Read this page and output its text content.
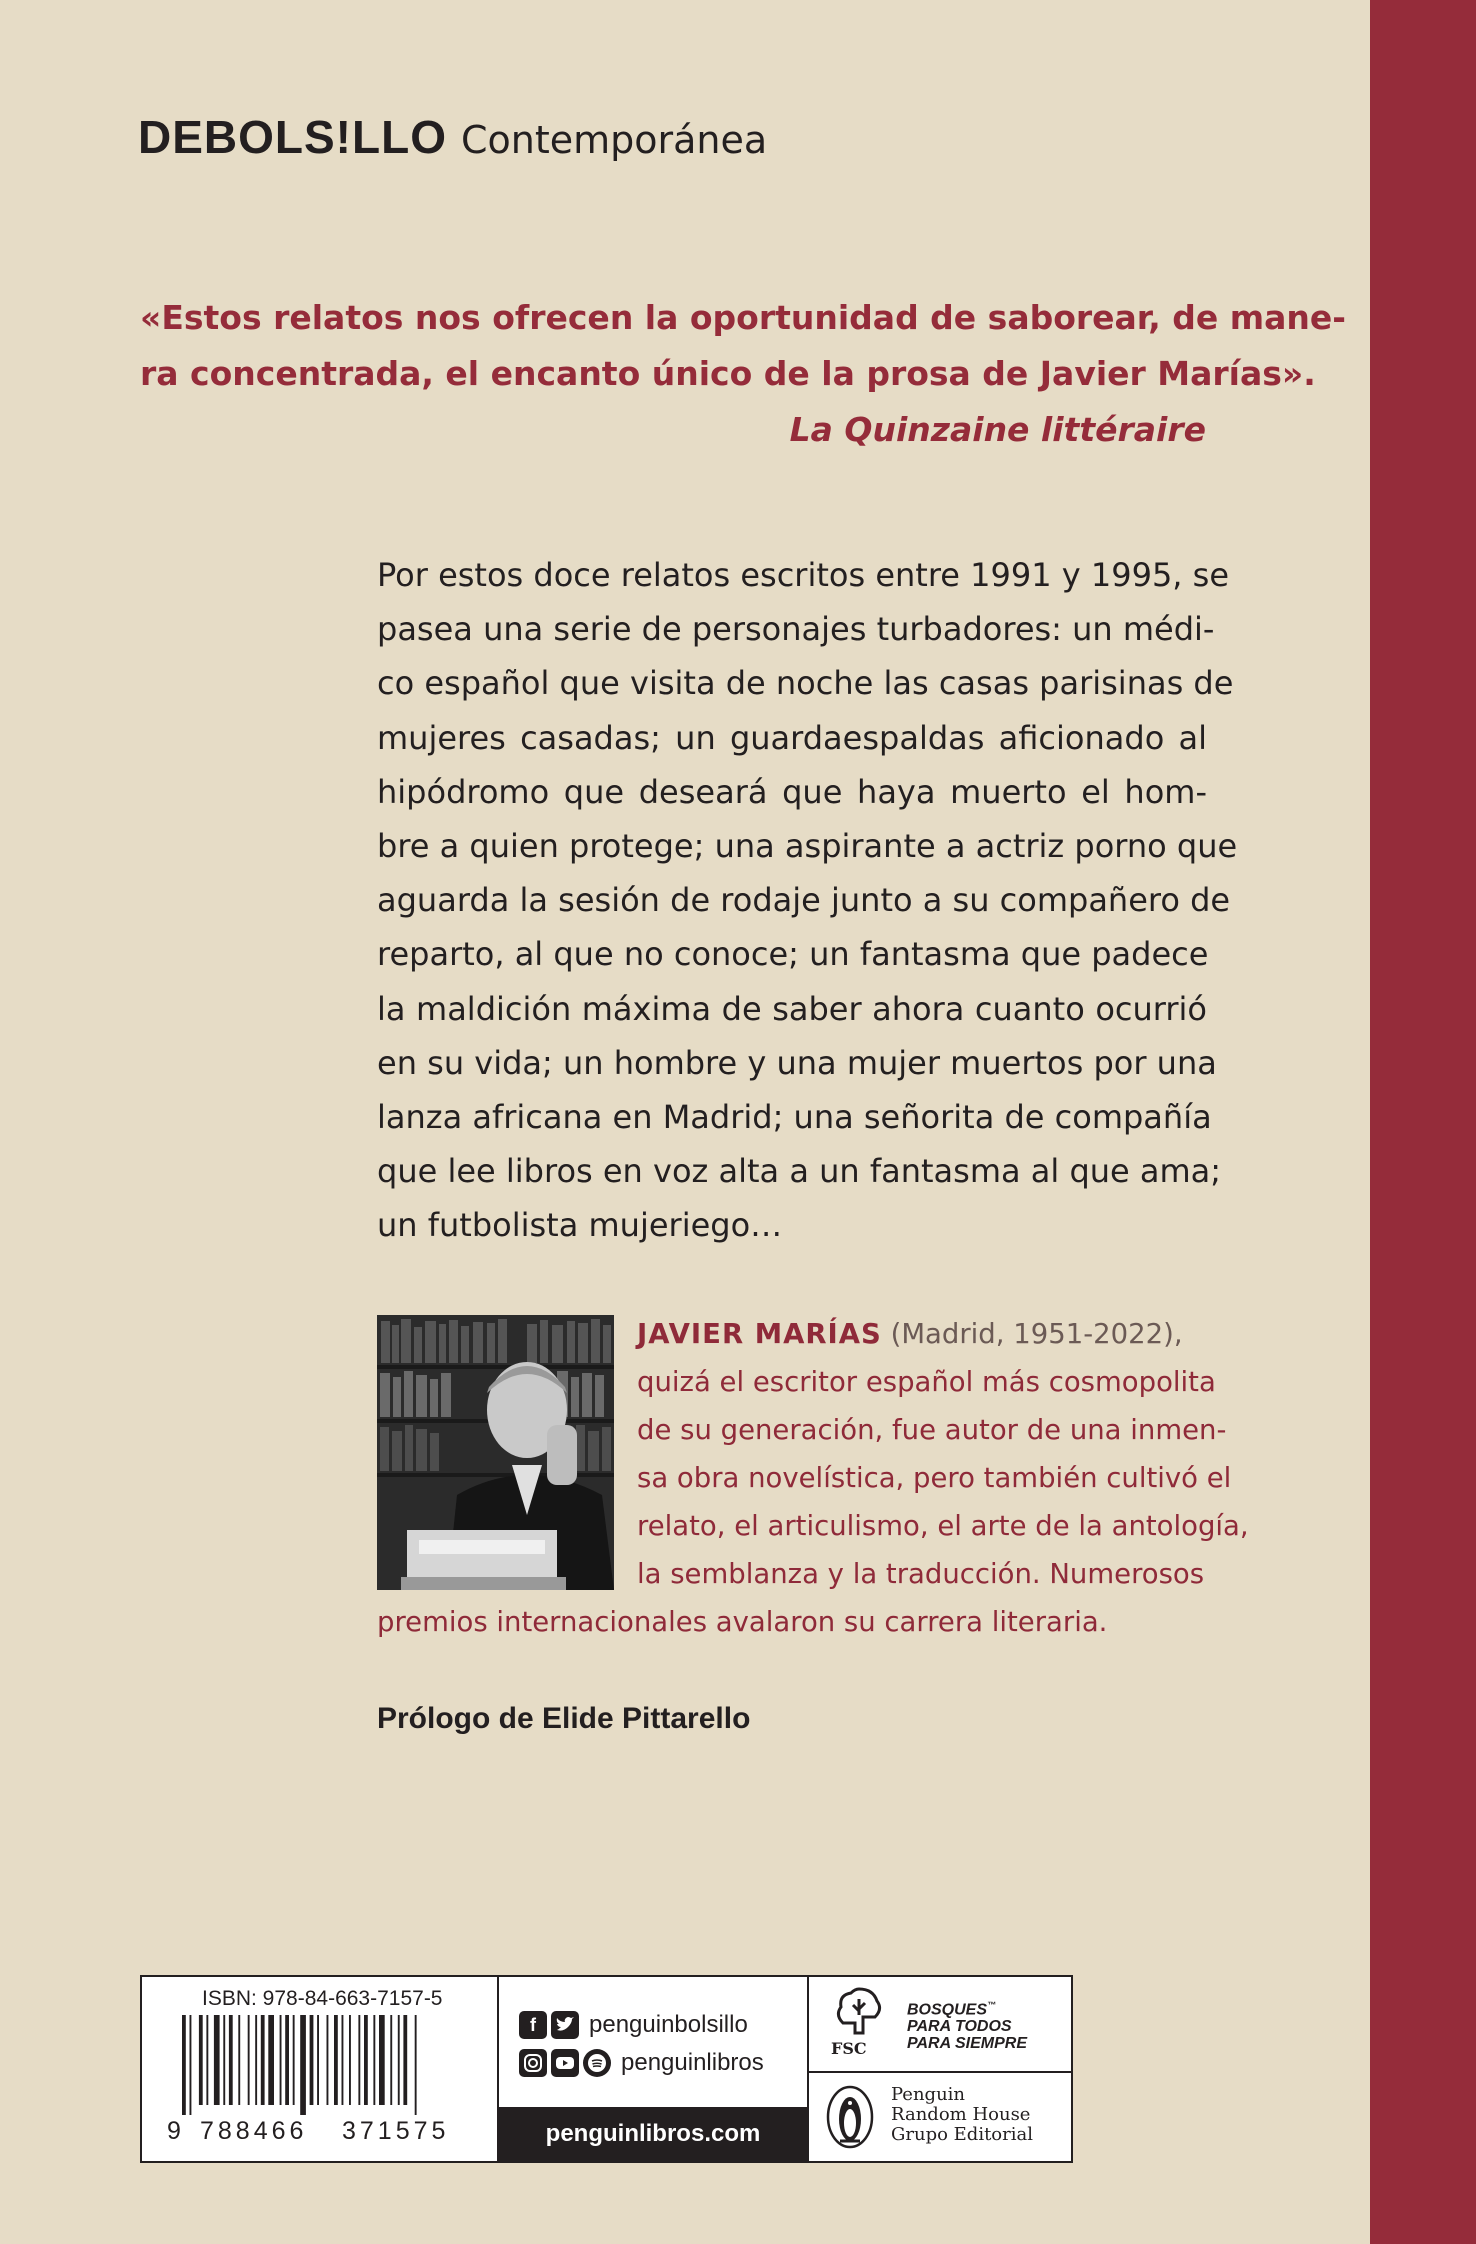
DEBOLS!LLO Contemporánea

«Estos relatos nos ofrecen la oportunidad de saborear, de mane-
ra concentrada, el encanto único de la prosa de Javier Marías».

La Quinzaine littéraire

Por estos doce relatos escritos entre 1991 y 1995, se
pasea una serie de personajes turbadores: un médi-
co español que visita de noche las casas parisinas de
mujeres casadas; un guardaespaldas aficionado al
hipódromo que deseará que haya muerto el hom-
bre a quien protege; una aspirante a actriz porno que
aguarda la sesión de rodaje junto a su compañero de
reparto, al que no conoce; un fantasma que padece
la maldición máxima de saber ahora cuanto ocurrió
en su vida; un hombre y una mujer muertos por una
lanza africana en Madrid; una señorita de compañía
que lee libros en voz alta a un fantasma al que ama;
un futbolista mujeriego…

JAVIER MARÍAS (Madrid, 1951-2022),
quizá el escritor español más cosmopolita
de su generación, fue autor de una inmen-
sa obra novelística, pero también cultivó el
relato, el articulismo, el arte de la antología,
la semblanza y la traducción. Numerosos
premios internacionales avalaron su carrera literaria.

Prólogo de Elide Pittarello
ISBN: 978-84-663-7157-5
9 788466 371575
f	penguinbolsillo
penguinlibros
penguinlibros.com
FSC
BOSQUES™
PARA TODOS
PARA SIEMPRE
Penguin
Random House
Grupo Editorial
